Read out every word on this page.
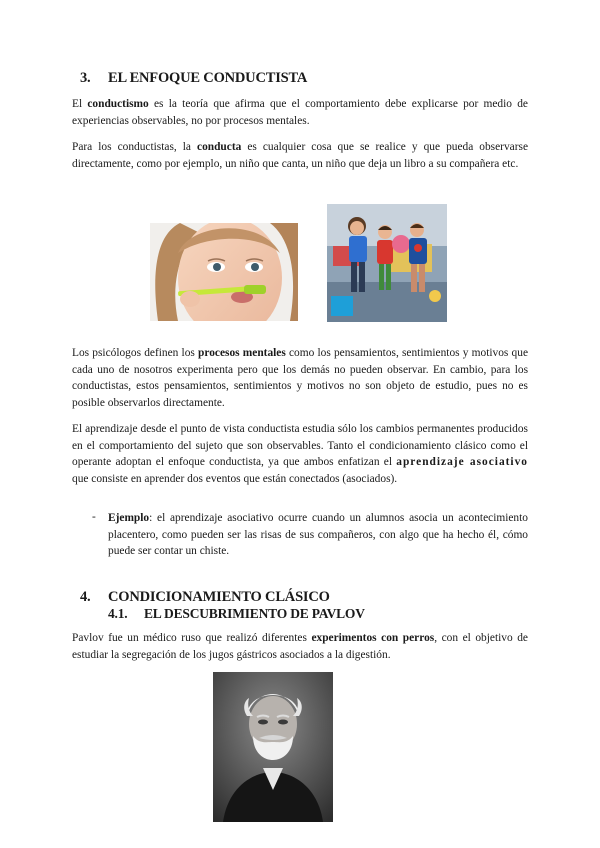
3. EL ENFOQUE CONDUCTISTA

El conductismo es la teoría que afirma que el comportamiento debe explicarse por medio de experiencias observables, no por procesos mentales.

Para los conductistas, la conducta es cualquier cosa que se realice y que pueda observarse directamente, como por ejemplo, un niño que canta, un niño que deja un libro a su compañera etc.

Los psicólogos definen los procesos mentales como los pensamientos, sentimientos y motivos que cada uno de nosotros experimenta pero que los demás no pueden observar. En cambio, para los conductistas, estos pensamientos, sentimientos y motivos no son objeto de estudio, pues no es posible observarlos directamente.

El aprendizaje desde el punto de vista conductista estudia sólo los cambios permanentes producidos en el comportamiento del sujeto que son observables. Tanto el condicionamiento clásico como el operante adoptan el enfoque conductista, ya que ambos enfatizan el aprendizaje asociativo que consiste en aprender dos eventos que están conectados (asociados).

- Ejemplo: el aprendizaje asociativo ocurre cuando un alumnos asocia un acontecimiento placentero, como pueden ser las risas de sus compañeros, con algo que ha hecho él, cómo puede ser contar un chiste.

4. CONDICIONAMIENTO CLÁSICO
4.1. EL DESCUBRIMIENTO DE PAVLOV

Pavlov fue un médico ruso que realizó diferentes experimentos con perros, con el objetivo de estudiar la segregación de los jugos gástricos asociados a la digestión.
